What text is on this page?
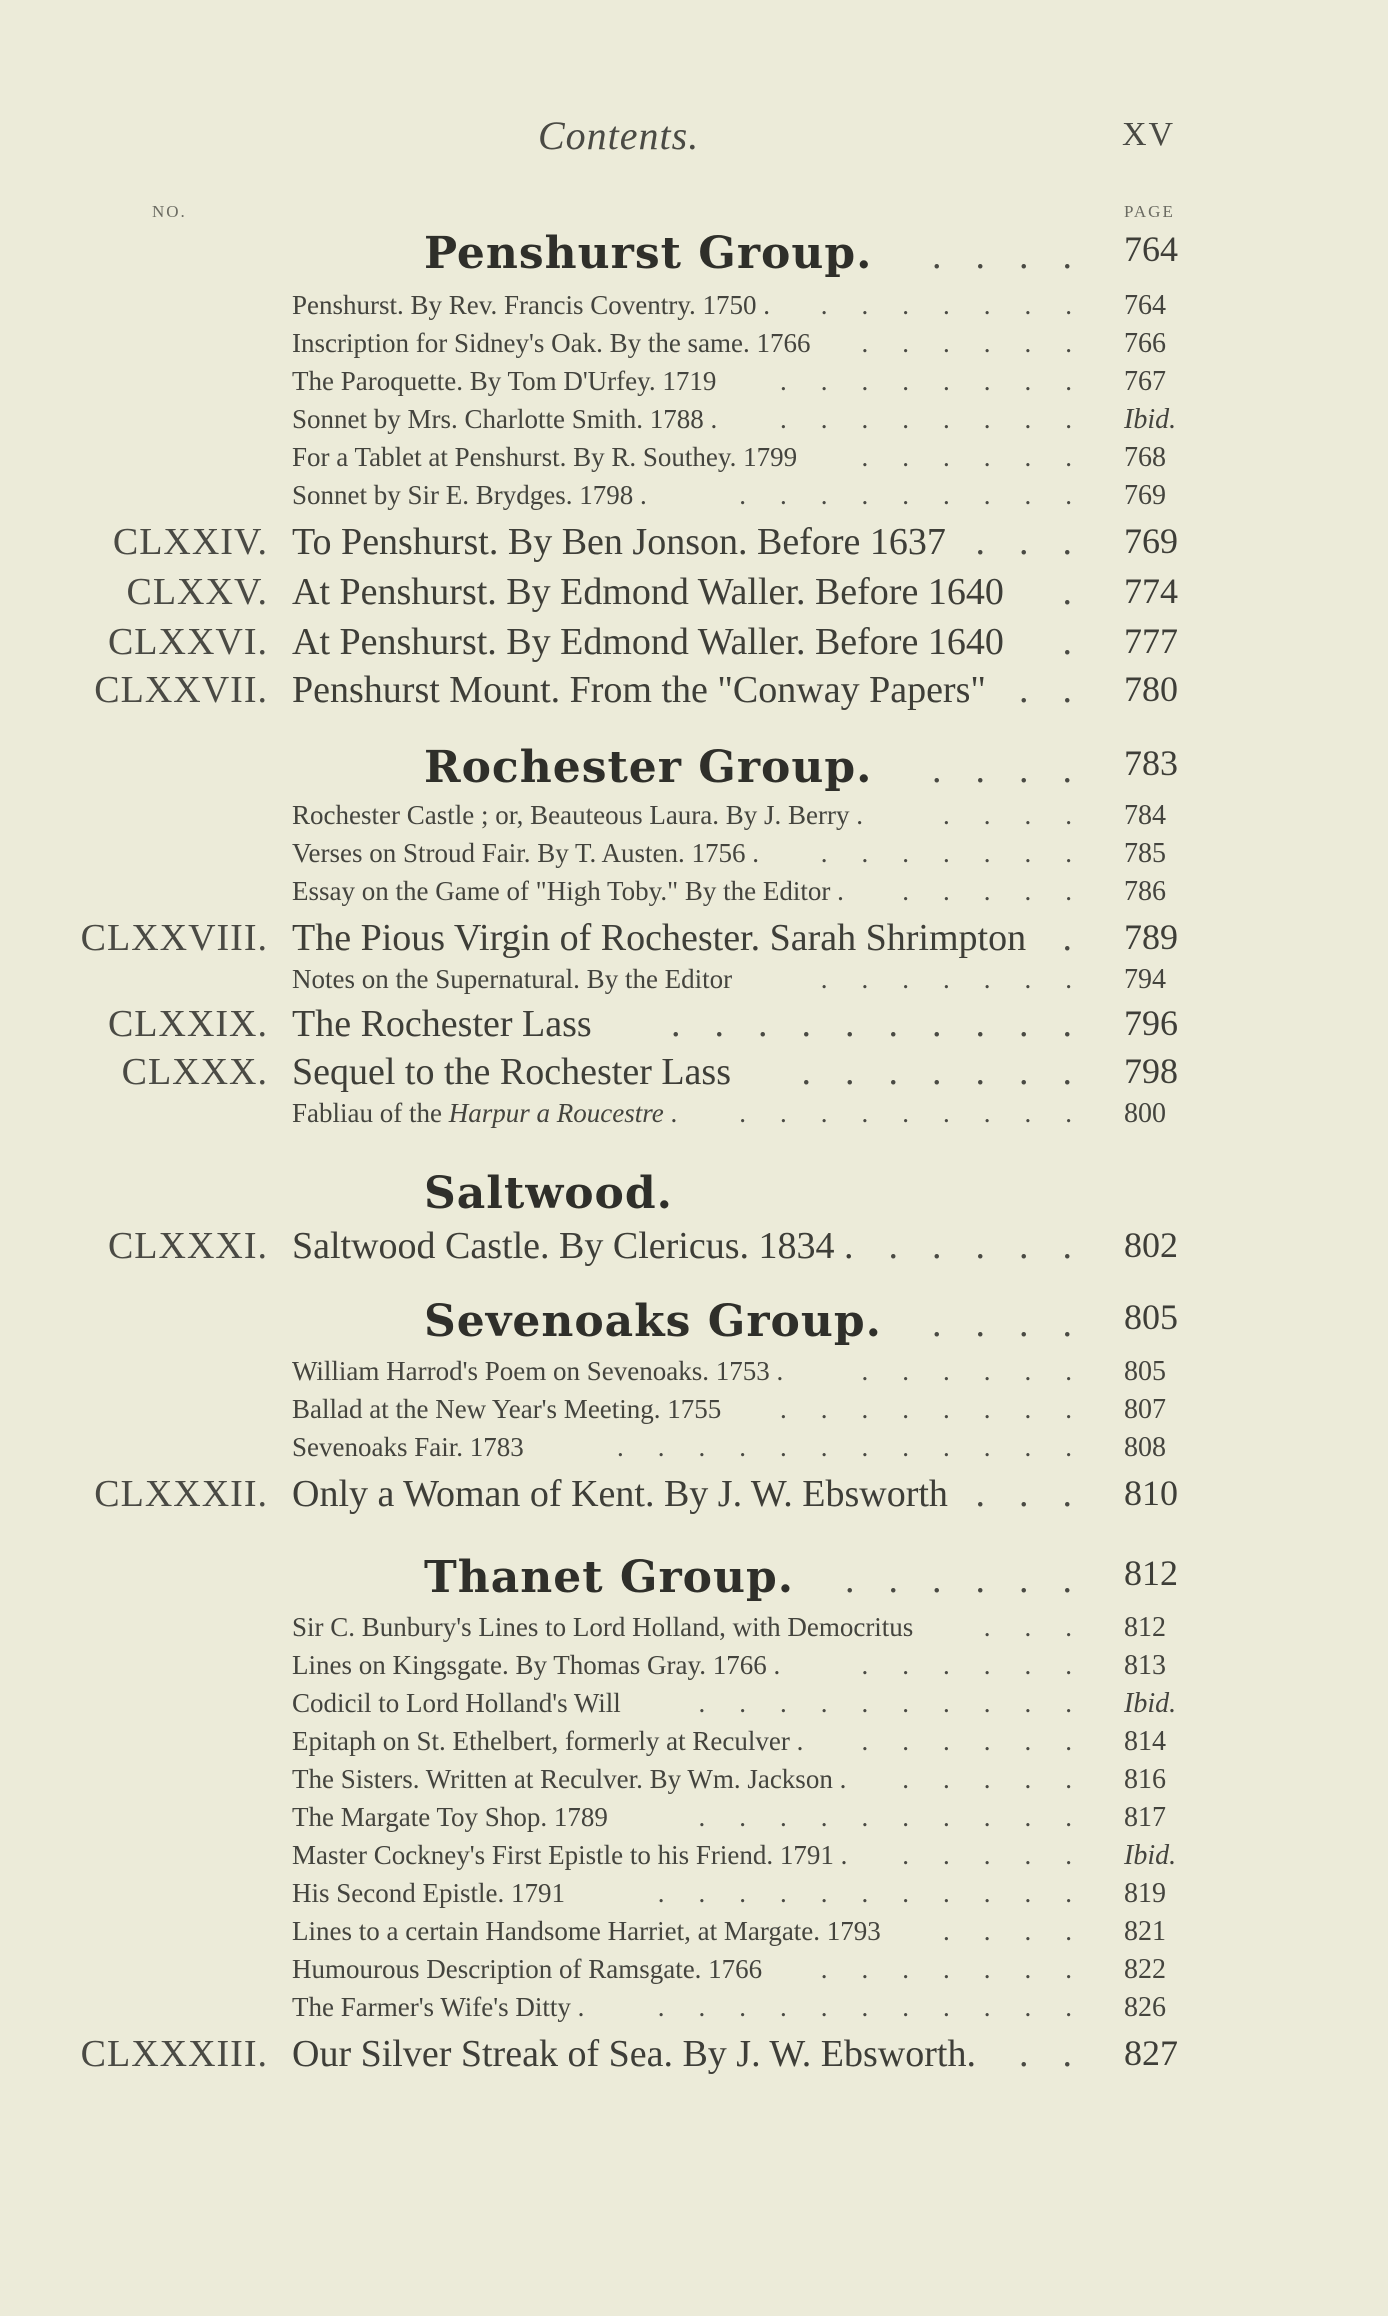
Contents.	XV
NO.	PAGE
Penshurst Group.	764
....
Penshurst. By Rev. Francis Coventry. 1750 .	764
.......
Inscription for Sidney's Oak. By the same. 1766	766
......
The Paroquette. By Tom D'Urfey. 1719	767
........
Sonnet by Mrs. Charlotte Smith. 1788 .	Ibid.
........
For a Tablet at Penshurst. By R. Southey. 1799	768
......
Sonnet by Sir E. Brydges. 1798 .	769
.........
CLXXIV. To Penshurst. By Ben Jonson. Before 1637	769
...
CLXXV. At Penshurst. By Edmond Waller. Before 1640	774
.
CLXXVI. At Penshurst. By Edmond Waller. Before 1640	777
.
CLXXVII. Penshurst Mount. From the "Conway Papers"	780
..
Rochester Group.	783
....
Rochester Castle ; or, Beauteous Laura. By J. Berry .	784
....
Verses on Stroud Fair. By T. Austen. 1756 .	785
.......
Essay on the Game of "High Toby." By the Editor .	786
.....
CLXXVIII. The Pious Virgin of Rochester. Sarah Shrimpton	789
.
Notes on the Supernatural. By the Editor	794
.......
CLXXIX. The Rochester Lass	796
..........
CLXXX. Sequel to the Rochester Lass	798
.......
Fabliau of the Harpur a Roucestre .	800
.........
Saltwood.
CLXXXI. Saltwood Castle. By Clericus. 1834 .	802
.....
Sevenoaks Group.	805
....
William Harrod's Poem on Sevenoaks. 1753 .	805
......
Ballad at the New Year's Meeting. 1755	807
........
Sevenoaks Fair. 1783	808
............
CLXXXII. Only a Woman of Kent. By J. W. Ebsworth	810
...
Thanet Group.	812
......
Sir C. Bunbury's Lines to Lord Holland, with Democritus	812
...
Lines on Kingsgate. By Thomas Gray. 1766 .	813
......
Codicil to Lord Holland's Will	Ibid.
..........
Epitaph on St. Ethelbert, formerly at Reculver .	814
......
The Sisters. Written at Reculver. By Wm. Jackson .	816
.....
The Margate Toy Shop. 1789	817
..........
Master Cockney's First Epistle to his Friend. 1791 .	Ibid.
.....
His Second Epistle. 1791	819
...........
Lines to a certain Handsome Harriet, at Margate. 1793	821
....
Humourous Description of Ramsgate. 1766	822
.......
The Farmer's Wife's Ditty .	826
...........
CLXXXIII. Our Silver Streak of Sea. By J. W. Ebsworth.	827
..
